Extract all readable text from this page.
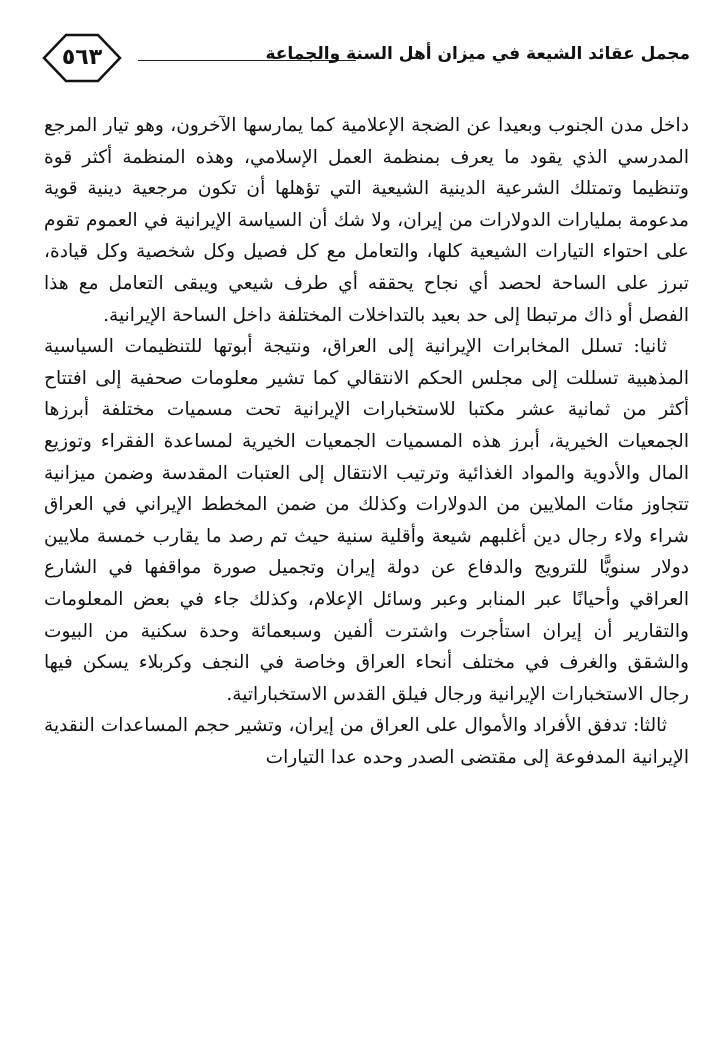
٥٦٣	مجمل عقائد الشيعة في ميزان أهل السنة والجماعة

داخل مدن الجنوب وبعيدا عن الضجة الإعلامية كما يمارسها الآخرون، وهو تيار المرجع المدرسي الذي يقود ما يعرف بمنظمة العمل الإسلامي، وهذه المنظمة أكثر قوة وتنظيما وتمتلك الشرعية الدينية الشيعية التي تؤهلها أن تكون مرجعية دينية قوية مدعومة بمليارات الدولارات من إيران، ولا شك أن السياسة الإيرانية في العموم تقوم على احتواء التيارات الشيعية كلها، والتعامل مع كل فصيل وكل شخصية وكل قيادة، تبرز على الساحة لحصد أي نجاح يحققه أي طرف شيعي ويبقى التعامل مع هذا الفصل أو ذاك مرتبطا إلى حد بعيد بالتداخلات المختلفة داخل الساحة الإيرانية.

ثانيا: تسلل المخابرات الإيرانية إلى العراق، ونتيجة أبوتها للتنظيمات السياسية المذهبية تسللت إلى مجلس الحكم الانتقالي كما تشير معلومات صحفية إلى افتتاح أكثر من ثمانية عشر مكتبا للاستخبارات الإيرانية تحت مسميات مختلفة أبرزها الجمعيات الخيرية، أبرز هذه المسميات الجمعيات الخيرية لمساعدة الفقراء وتوزيع المال والأدوية والمواد الغذائية وترتيب الانتقال إلى العتبات المقدسة وضمن ميزانية تتجاوز مئات الملايين من الدولارات وكذلك من ضمن المخطط الإيراني في العراق شراء ولاء رجال دين أغلبهم شيعة وأقلية سنية حيث تم رصد ما يقارب خمسة ملايين دولار سنويًّا للترويج والدفاع عن دولة إيران وتجميل صورة مواقفها في الشارع العراقي وأحيانًا عبر المنابر وعبر وسائل الإعلام، وكذلك جاء في بعض المعلومات والتقارير أن إيران استأجرت واشترت ألفين وسبعمائة وحدة سكنية من البيوت والشقق والغرف في مختلف أنحاء العراق وخاصة في النجف وكربلاء يسكن فيها رجال الاستخبارات الإيرانية ورجال فيلق القدس الاستخباراتية.

ثالثا: تدفق الأفراد والأموال على العراق من إيران، وتشير حجم المساعدات النقدية الإيرانية المدفوعة إلى مقتضى الصدر وحده عدا التيارات
